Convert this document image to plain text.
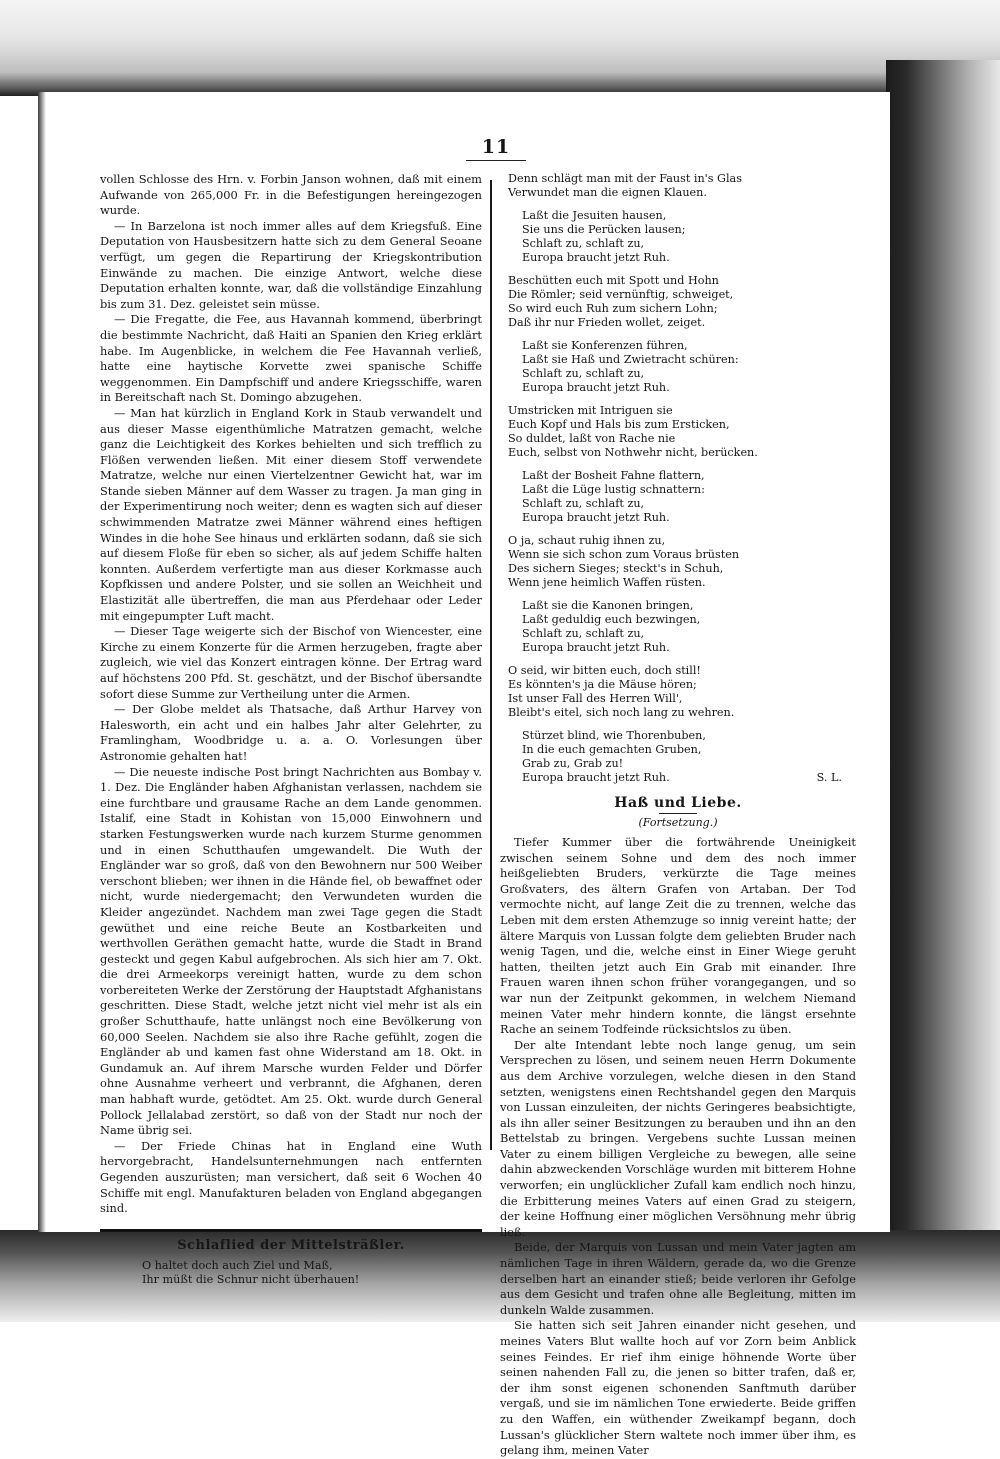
11
vollen Schlosse des Hrn. v. Forbin Janson wohnen, daß mit einem Aufwande von 265,000 Fr. in die Befestigungen hereingezogen wurde.
— In Barzelona ist noch immer alles auf dem Kriegsfuß. Eine Deputation von Hausbesitzern hatte sich zu dem General Seoane verfügt, um gegen die Repartirung der Kriegskontribution Einwände zu machen. Die einzige Antwort, welche diese Deputation erhalten konnte, war, daß die vollständige Einzahlung bis zum 31. Dez. geleistet sein müsse.
— Die Fregatte, die Fee, aus Havannah kommend, überbringt die bestimmte Nachricht, daß Haiti an Spanien den Krieg erklärt habe. Im Augenblicke, in welchem die Fee Havannah verließ, hatte eine haytische Korvette zwei spanische Schiffe weggenommen. Ein Dampfschiff und andere Kriegsschiffe, waren in Bereitschaft nach St. Domingo abzugehen.
— Man hat kürzlich in England Kork in Staub verwandelt und aus dieser Masse eigenthümliche Matratzen gemacht, welche ganz die Leichtigkeit des Korkes behielten und sich trefflich zu Flößen verwenden ließen. Mit einer diesem Stoff verwendete Matratze, welche nur einen Viertelzentner Gewicht hat, war im Stande sieben Männer auf dem Wasser zu tragen. Ja man ging in der Experimentirung noch weiter; denn es wagten sich auf dieser schwimmenden Matratze zwei Männer während eines heftigen Windes in die hohe See hinaus und erklärten sodann, daß sie sich auf diesem Floße für eben so sicher, als auf jedem Schiffe halten konnten. Außerdem verfertigte man aus dieser Korkmasse auch Kopfkissen und andere Polster, und sie sollen an Weichheit und Elastizität alle übertreffen, die man aus Pferdehaar oder Leder mit eingepumpter Luft macht.
— Dieser Tage weigerte sich der Bischof von Wiencester, eine Kirche zu einem Konzerte für die Armen herzugeben, fragte aber zugleich, wie viel das Konzert eintragen könne. Der Ertrag ward auf höchstens 200 Pfd. St. geschätzt, und der Bischof übersandte sofort diese Summe zur Vertheilung unter die Armen.
— Der Globe meldet als Thatsache, daß Arthur Harvey von Halesworth, ein acht und ein halbes Jahr alter Gelehrter, zu Framlingham, Woodbridge u. a. a. O. Vorlesungen über Astronomie gehalten hat!
— Die neueste indische Post bringt Nachrichten aus Bombay v. 1. Dez. Die Engländer haben Afghanistan verlassen, nachdem sie eine furchtbare und grausame Rache an dem Lande genommen. Istalif, eine Stadt in Kohistan von 15,000 Einwohnern und starken Festungswerken wurde nach kurzem Sturme genommen und in einen Schutthaufen umgewandelt. Die Wuth der Engländer war so groß, daß von den Bewohnern nur 500 Weiber verschont blieben; wer ihnen in die Hände fiel, ob bewaffnet oder nicht, wurde niedergemacht; den Verwundeten wurden die Kleider angezündet. Nachdem man zwei Tage gegen die Stadt gewüthet und eine reiche Beute an Kostbarkeiten und werthvollen Geräthen gemacht hatte, wurde die Stadt in Brand gesteckt und gegen Kabul aufgebrochen. Als sich hier am 7. Okt. die drei Armeekorps vereinigt hatten, wurde zu dem schon vorbereiteten Werke der Zerstörung der Hauptstadt Afghanistans geschritten. Diese Stadt, welche jetzt nicht viel mehr ist als ein großer Schutthaufe, hatte unlängst noch eine Bevölkerung von 60,000 Seelen. Nachdem sie also ihre Rache gefühlt, zogen die Engländer ab und kamen fast ohne Widerstand am 18. Okt. in Gundamuk an. Auf ihrem Marsche wurden Felder und Dörfer ohne Ausnahme verheert und verbrannt, die Afghanen, deren man habhaft wurde, getödtet. Am 25. Okt. wurde durch General Pollock Jellalabad zerstört, so daß von der Stadt nur noch der Name übrig sei.
— Der Friede Chinas hat in England eine Wuth hervorgebracht, Handelsunternehmungen nach entfernten Gegenden auszurüsten; man versichert, daß seit 6 Wochen 40 Schiffe mit engl. Manufakturen beladen von England abgegangen sind.
Schlaflied der Mittelsträßler.
O haltet doch auch Ziel und Maß,
Ihr müßt die Schnur nicht überhauen!
Denn schlägt man mit der Faust in's Glas
Verwundet man die eignen Klauen.
Laßt die Jesuiten hausen,
Sie uns die Perücken lausen;
Schlaft zu, schlaft zu,
Europa braucht jetzt Ruh.
Beschütten euch mit Spott und Hohn
Die Römler; seid vernünftig, schweiget,
So wird euch Ruh zum sichern Lohn;
Daß ihr nur Frieden wollet, zeiget.
Laßt sie Konferenzen führen,
Laßt sie Haß und Zwietracht schüren:
Schlaft zu, schlaft zu,
Europa braucht jetzt Ruh.
Umstricken mit Intriguen sie
Euch Kopf und Hals bis zum Ersticken,
So duldet, laßt von Rache nie
Euch, selbst von Nothwehr nicht, berücken.
Laßt der Bosheit Fahne flattern,
Laßt die Lüge lustig schnattern:
Schlaft zu, schlaft zu,
Europa braucht jetzt Ruh.
O ja, schaut ruhig ihnen zu,
Wenn sie sich schon zum Voraus brüsten
Des sichern Sieges; steckt's in Schuh,
Wenn jene heimlich Waffen rüsten.
Laßt sie die Kanonen bringen,
Laßt geduldig euch bezwingen,
Schlaft zu, schlaft zu,
Europa braucht jetzt Ruh.
O seid, wir bitten euch, doch still!
Es könnten's ja die Mäuse hören;
Ist unser Fall des Herren Will',
Bleibt's eitel, sich noch lang zu wehren.
Stürzet blind, wie Thorenbuben,
In die euch gemachten Gruben,
Grab zu, Grab zu!
Europa braucht jetzt Ruh.	S. L.
Haß und Liebe.
(Fortsetzung.)
Tiefer Kummer über die fortwährende Uneinigkeit zwischen seinem Sohne und dem des noch immer heißgeliebten Bruders, verkürzte die Tage meines Großvaters, des ältern Grafen von Artaban. Der Tod vermochte nicht, auf lange Zeit die zu trennen, welche das Leben mit dem ersten Athemzuge so innig vereint hatte; der ältere Marquis von Lussan folgte dem geliebten Bruder nach wenig Tagen, und die, welche einst in Einer Wiege geruht hatten, theilten jetzt auch Ein Grab mit einander. Ihre Frauen waren ihnen schon früher vorangegangen, und so war nun der Zeitpunkt gekommen, in welchem Niemand meinen Vater mehr hindern konnte, die längst ersehnte Rache an seinem Todfeinde rücksichtslos zu üben.
Der alte Intendant lebte noch lange genug, um sein Versprechen zu lösen, und seinem neuen Herrn Dokumente aus dem Archive vorzulegen, welche diesen in den Stand setzten, wenigstens einen Rechtshandel gegen den Marquis von Lussan einzuleiten, der nichts Geringeres beabsichtigte, als ihn aller seiner Besitzungen zu berauben und ihn an den Bettelstab zu bringen. Vergebens suchte Lussan meinen Vater zu einem billigen Vergleiche zu bewegen, alle seine dahin abzweckenden Vorschläge wurden mit bitterem Hohne verworfen; ein unglücklicher Zufall kam endlich noch hinzu, die Erbitterung meines Vaters auf einen Grad zu steigern, der keine Hoffnung einer möglichen Versöhnung mehr übrig ließ.
Beide, der Marquis von Lussan und mein Vater jagten am nämlichen Tage in ihren Wäldern, gerade da, wo die Grenze derselben hart an einander stieß; beide verloren ihr Gefolge aus dem Gesicht und trafen ohne alle Begleitung, mitten im dunkeln Walde zusammen.
Sie hatten sich seit Jahren einander nicht gesehen, und meines Vaters Blut wallte hoch auf vor Zorn beim Anblick seines Feindes. Er rief ihm einige höhnende Worte über seinen nahenden Fall zu, die jenen so bitter trafen, daß er, der ihm sonst eigenen schonenden Sanftmuth darüber vergaß, und sie im nämlichen Tone erwiederte. Beide griffen zu den Waffen, ein wüthender Zweikampf begann, doch Lussan's glücklicher Stern waltete noch immer über ihm, es gelang ihm, meinen Vater
